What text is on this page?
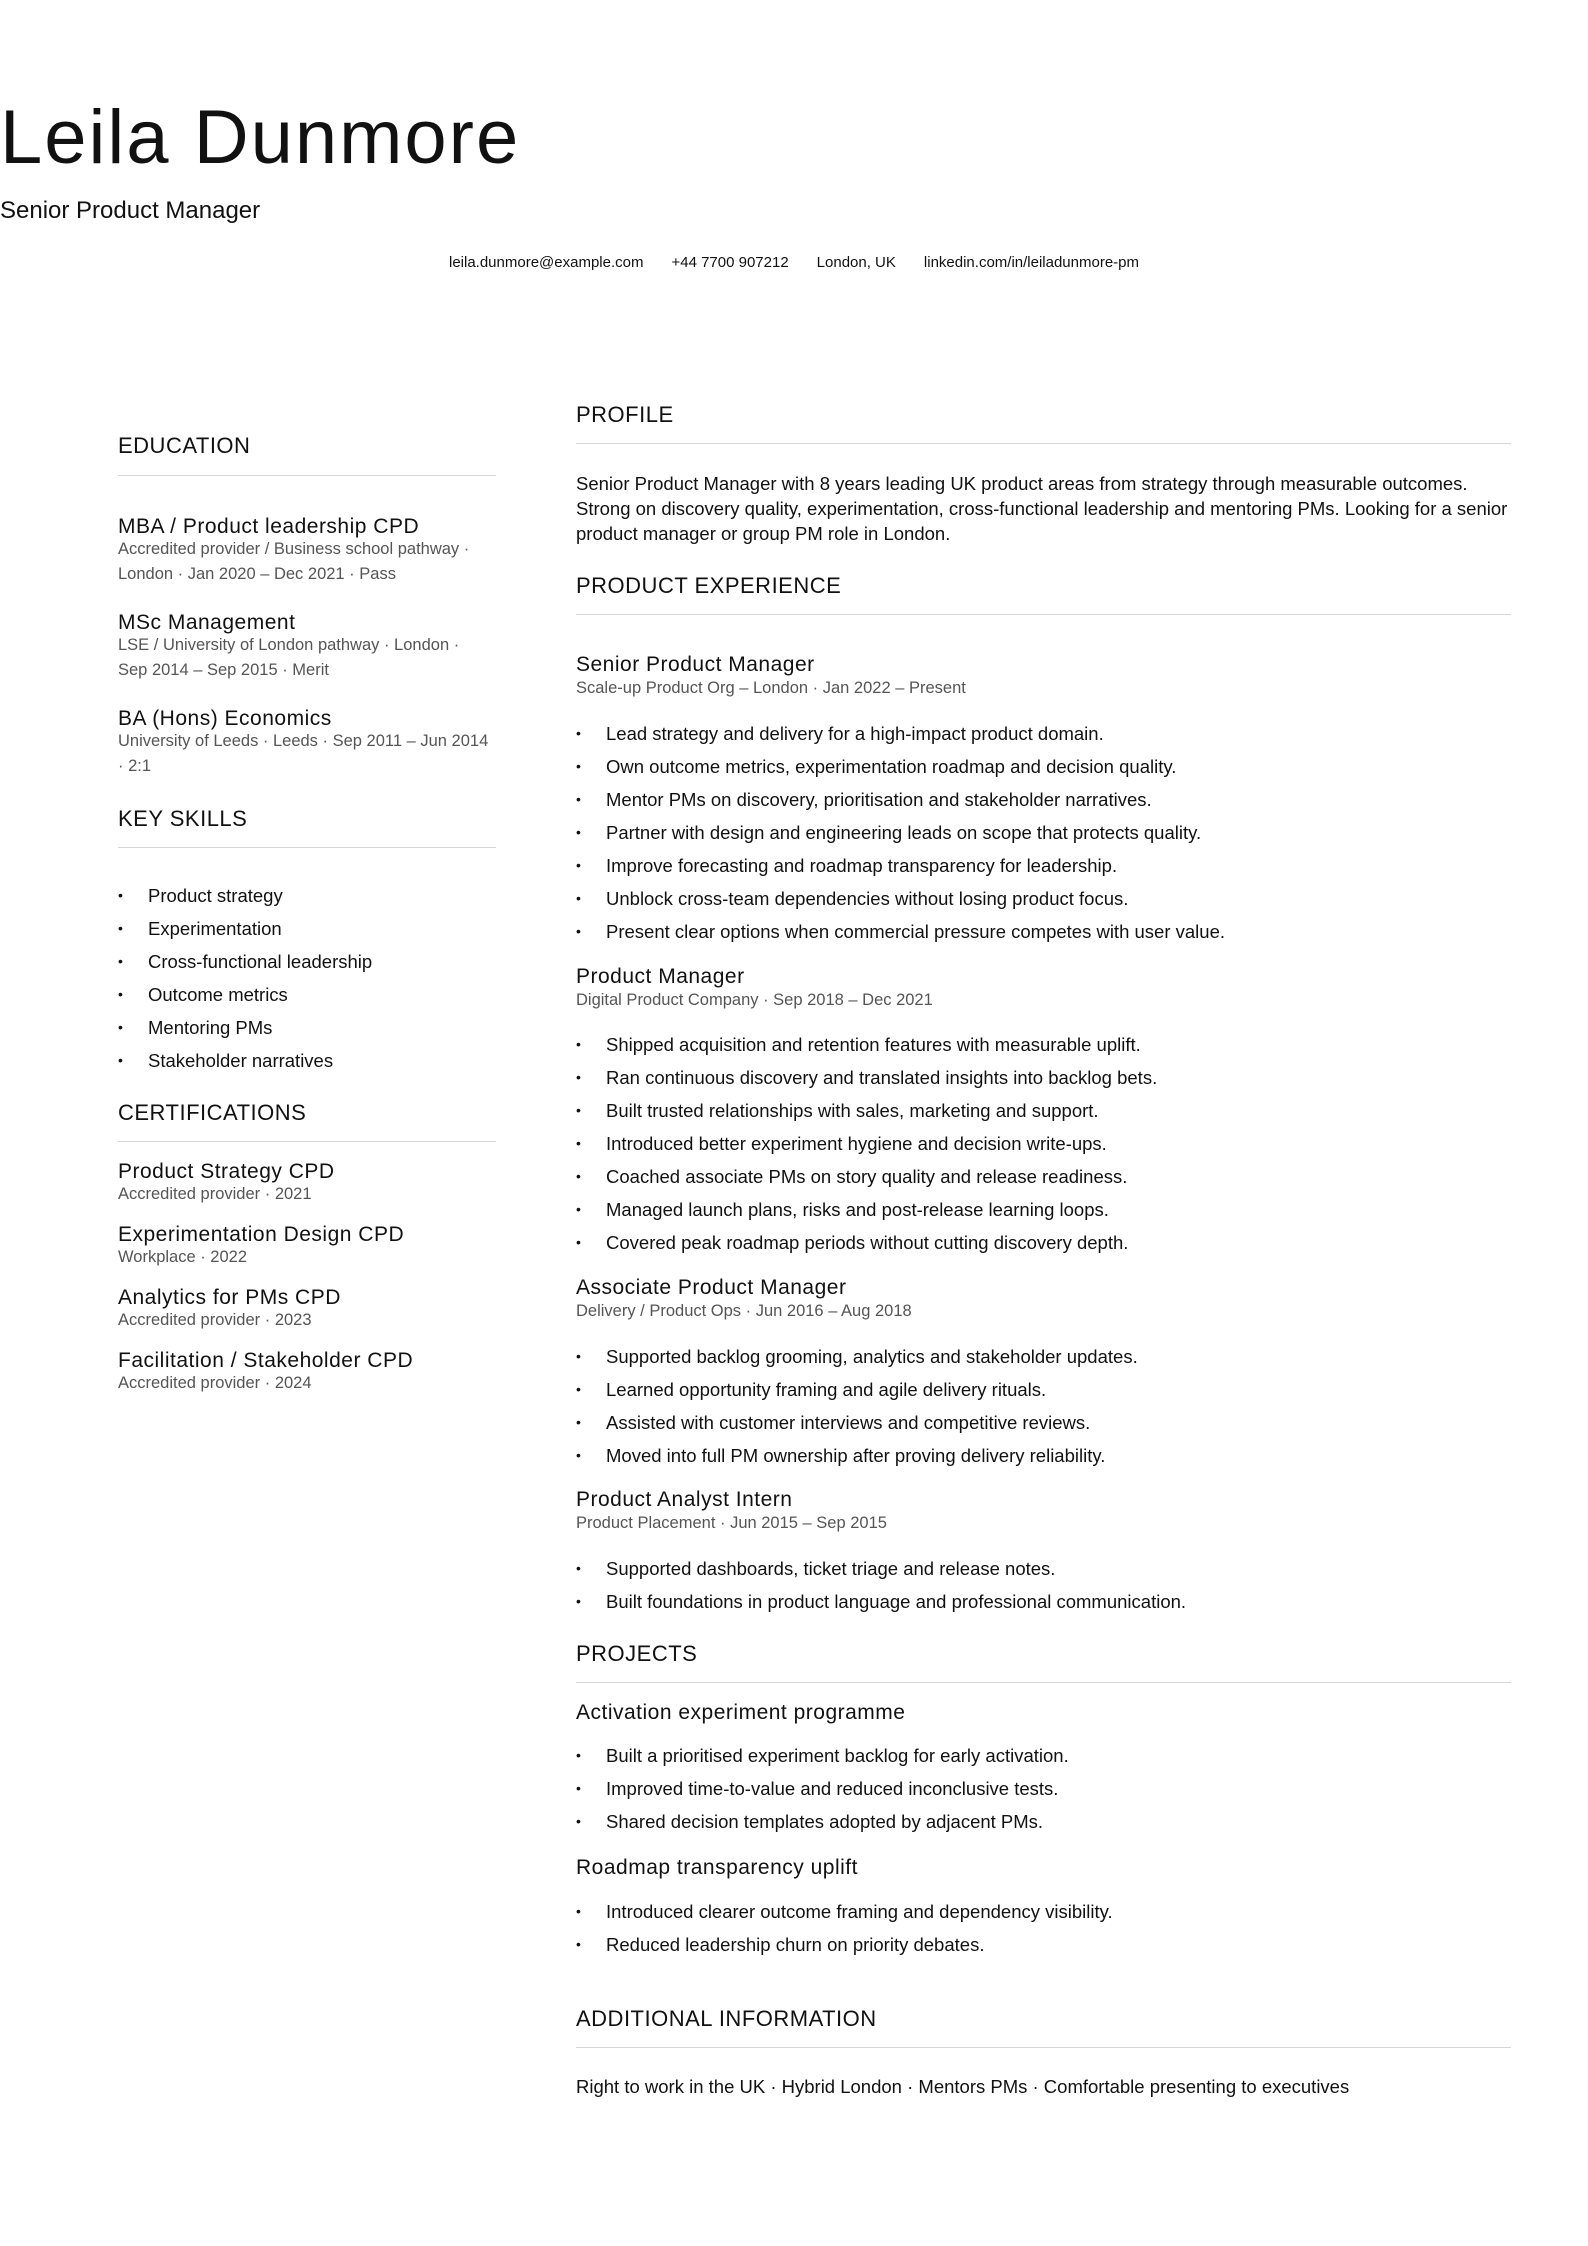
Leila Dunmore
Senior Product Manager
leila.dunmore@example.com +44 7700 907212 London, UK linkedin.com/in/leiladunmore-pm
EDUCATION
MBA / Product leadership CPD
Accredited provider / Business school pathway ·
London · Jan 2020 – Dec 2021 · Pass
MSc Management
LSE / University of London pathway · London ·
Sep 2014 – Sep 2015 · Merit
BA (Hons) Economics
University of Leeds · Leeds · Sep 2011 – Jun 2014
· 2:1
KEY SKILLS
• Product strategy
• Experimentation
• Cross-functional leadership
• Outcome metrics
• Mentoring PMs
• Stakeholder narratives
CERTIFICATIONS
Product Strategy CPD
Accredited provider · 2021
Experimentation Design CPD
Workplace · 2022
Analytics for PMs CPD
Accredited provider · 2023
Facilitation / Stakeholder CPD
Accredited provider · 2024
PROFILE
Senior Product Manager with 8 years leading UK product areas from strategy through measurable outcomes.
Strong on discovery quality, experimentation, cross-functional leadership and mentoring PMs. Looking for a senior
product manager or group PM role in London.
PRODUCT EXPERIENCE
Senior Product Manager
Scale-up Product Org – London · Jan 2022 – Present
• Lead strategy and delivery for a high-impact product domain.
• Own outcome metrics, experimentation roadmap and decision quality.
• Mentor PMs on discovery, prioritisation and stakeholder narratives.
• Partner with design and engineering leads on scope that protects quality.
• Improve forecasting and roadmap transparency for leadership.
• Unblock cross-team dependencies without losing product focus.
• Present clear options when commercial pressure competes with user value.
Product Manager
Digital Product Company · Sep 2018 – Dec 2021
• Shipped acquisition and retention features with measurable uplift.
• Ran continuous discovery and translated insights into backlog bets.
• Built trusted relationships with sales, marketing and support.
• Introduced better experiment hygiene and decision write-ups.
• Coached associate PMs on story quality and release readiness.
• Managed launch plans, risks and post-release learning loops.
• Covered peak roadmap periods without cutting discovery depth.
Associate Product Manager
Delivery / Product Ops · Jun 2016 – Aug 2018
• Supported backlog grooming, analytics and stakeholder updates.
• Learned opportunity framing and agile delivery rituals.
• Assisted with customer interviews and competitive reviews.
• Moved into full PM ownership after proving delivery reliability.
Product Analyst Intern
Product Placement · Jun 2015 – Sep 2015
• Supported dashboards, ticket triage and release notes.
• Built foundations in product language and professional communication.
PROJECTS
Activation experiment programme
• Built a prioritised experiment backlog for early activation.
• Improved time-to-value and reduced inconclusive tests.
• Shared decision templates adopted by adjacent PMs.
Roadmap transparency uplift
• Introduced clearer outcome framing and dependency visibility.
• Reduced leadership churn on priority debates.
ADDITIONAL INFORMATION
Right to work in the UK · Hybrid London · Mentors PMs · Comfortable presenting to executives
